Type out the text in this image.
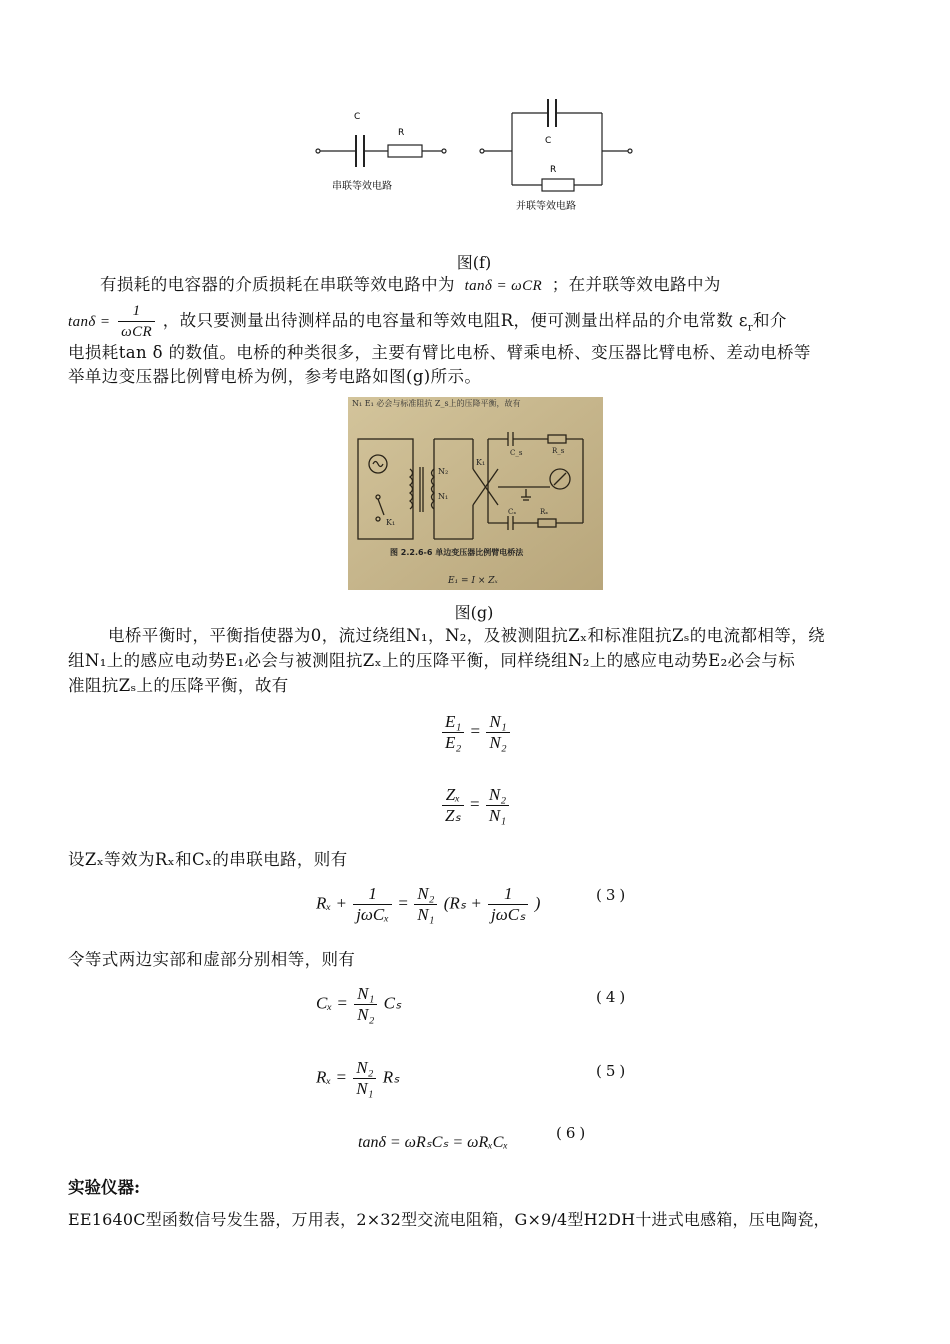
C
R
串联等效电路
C
R
并联等效电路
图(f)
有损耗的电容器的介质损耗在串联等效电路中为 tanδ = ωCR ；在并联等效电路中为
$\tan\delta = \frac{1}{\text{ωCR}}$ ，故只要测量出待测样品的电容量和等效电阻R，便可测量出样品的介电常数 $\varepsilon_r$和介
电损耗tan δ 的数值。电桥的种类很多，主要有臂比电桥、臂乘电桥、变压器比臂电桥、差动电桥等
举单边变压器比例臂电桥为例，参考电路如图(g)所示。
N₁ E₁ 必会与标准阻抗 Z_s上的压降平衡，故有
N₂
N₁
K₁
K₁
C_s	R_s
Cₓ	Rₓ
图 2.2.6-6 单边变压器比例臂电桥法
E₁ = I × Zₓ
图(g)
电桥平衡时，平衡指使器为0，流过绕组N₁，N₂，及被测阻抗Zₓ和标准阻抗Zₛ的电流都相等，绕
组N₁上的感应电动势E₁必会与被测阻抗Zₓ上的压降平衡，同样绕组N₂上的感应电动势E₂必会与标
准阻抗Zₛ上的压降平衡，故有
$\frac{\text{E₁}}{\text{E₂}} = \frac{\text{N₁}}{\text{N₂}}$
$\frac{\text{Zₓ}}{\text{Zₛ}} = \frac{\text{N₂}}{\text{N₁}}$
设Zₓ等效为Rₓ和Cₓ的串联电路，则有
$R_x + \frac{1}{\text{jωCₓ}} = \frac{\text{N₂}}{\text{N₁}} (R_s + \frac{1}{\text{jωCₛ}}$ )	(3)
令等式两边实部和虚部分别相等，则有
$C_x = \frac{\text{N₁}}{\text{N₂}}$ Cₛ	(4)
$R_x = \frac{\text{N₂}}{\text{N₁}}$ Rₛ	(5)
tanδ = ωRₛCₛ = ωRₓCₓ
(6)
实验仪器:
EE1640C型函数信号发生器，万用表，2×32型交流电阻箱，G×9/4型H2DH十进式电感箱，压电陶瓷，
